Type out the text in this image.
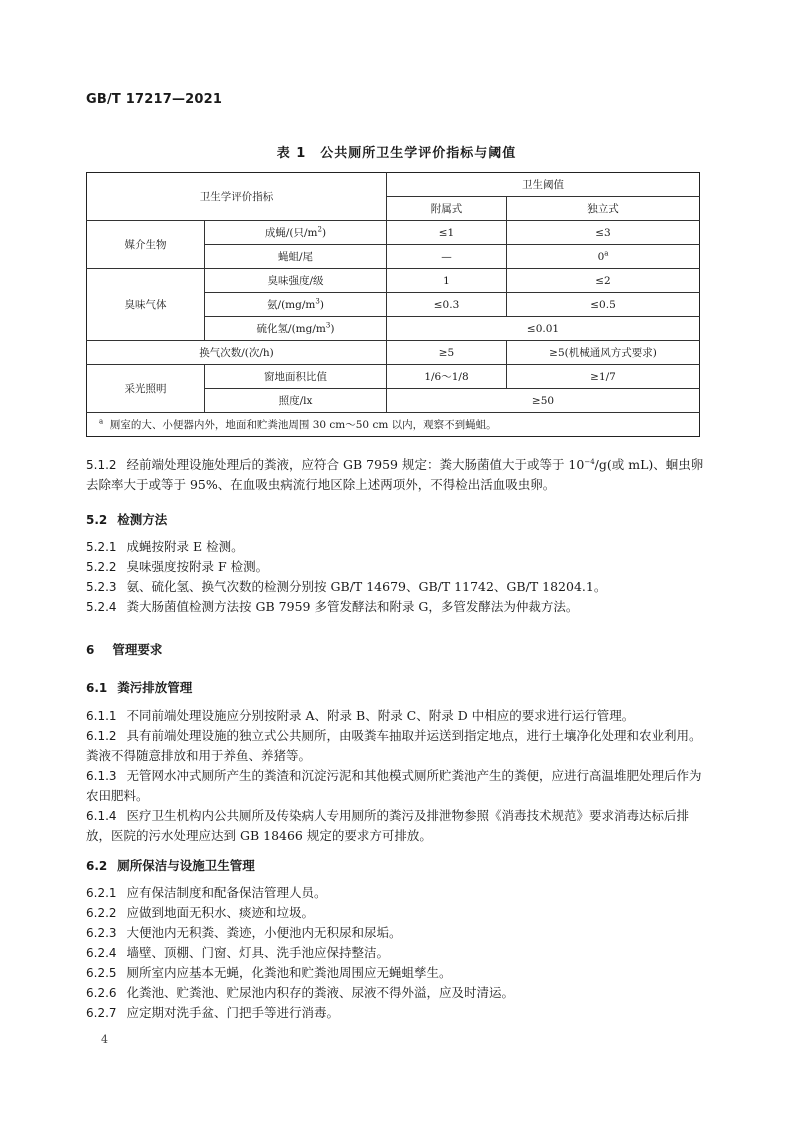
GB/T 17217—2021
表 1　公共厕所卫生学评价指标与阈值
卫生学评价指标		卫生阈值	
		附属式	独立式
媒介生物	成蝇/(只$/m^2$)	≤1	≤3
	蝇蛆/尾	—	0$^a$
臭味气体	臭味强度/级	1	≤2
	氨$/(mg/m^3)$	≤0.3	≤0.5
	硫化氢$/(mg/m^3)$	≤0.01	
换气次数/(次/h)		≥5	≥5(机械通风方式要求)
采光照明	窗地面积比值	1/6～1/8	≥1/7
	照度/lx	≥50	
$^a$ 厕室的大、小便器内外，地面和贮粪池周围 30 cm～50 cm 以内，观察不到蝇蛆。			

5.1.2 经前端处理设施处理后的粪液，应符合 GB 7959 规定：粪大肠菌值大于或等于 $10^{-4}/g$(或 mL)、蛔虫卵去除率大于或等于 95%、在血吸虫病流行地区除上述两项外，不得检出活血吸虫卵。

5.2 检测方法

5.2.1 成蝇按附录 E 检测。

5.2.2 臭味强度按附录 F 检测。

5.2.3 氨、硫化氢、换气次数的检测分别按 GB/T 14679、GB/T 11742、GB/T 18204.1。

5.2.4 粪大肠菌值检测方法按 GB 7959 多管发酵法和附录 G，多管发酵法为仲裁方法。

6 管理要求

6.1 粪污排放管理

6.1.1 不同前端处理设施应分别按附录 A、附录 B、附录 C、附录 D 中相应的要求进行运行管理。

6.1.2 具有前端处理设施的独立式公共厕所，由吸粪车抽取并运送到指定地点，进行土壤净化处理和农业利用。粪液不得随意排放和用于养鱼、养猪等。

6.1.3 无管网水冲式厕所产生的粪渣和沉淀污泥和其他模式厕所贮粪池产生的粪便，应进行高温堆肥处理后作为农田肥料。

6.1.4 医疗卫生机构内公共厕所及传染病人专用厕所的粪污及排泄物参照《消毒技术规范》要求消毒达标后排放，医院的污水处理应达到 GB 18466 规定的要求方可排放。

6.2 厕所保洁与设施卫生管理

6.2.1 应有保洁制度和配备保洁管理人员。

6.2.2 应做到地面无积水、痰迹和垃圾。

6.2.3 大便池内无积粪、粪迹，小便池内无积尿和尿垢。

6.2.4 墙壁、顶棚、门窗、灯具、洗手池应保持整洁。

6.2.5 厕所室内应基本无蝇，化粪池和贮粪池周围应无蝇蛆孳生。

6.2.6 化粪池、贮粪池、贮尿池内积存的粪液、尿液不得外溢，应及时清运。

6.2.7 应定期对洗手盆、门把手等进行消毒。

4
